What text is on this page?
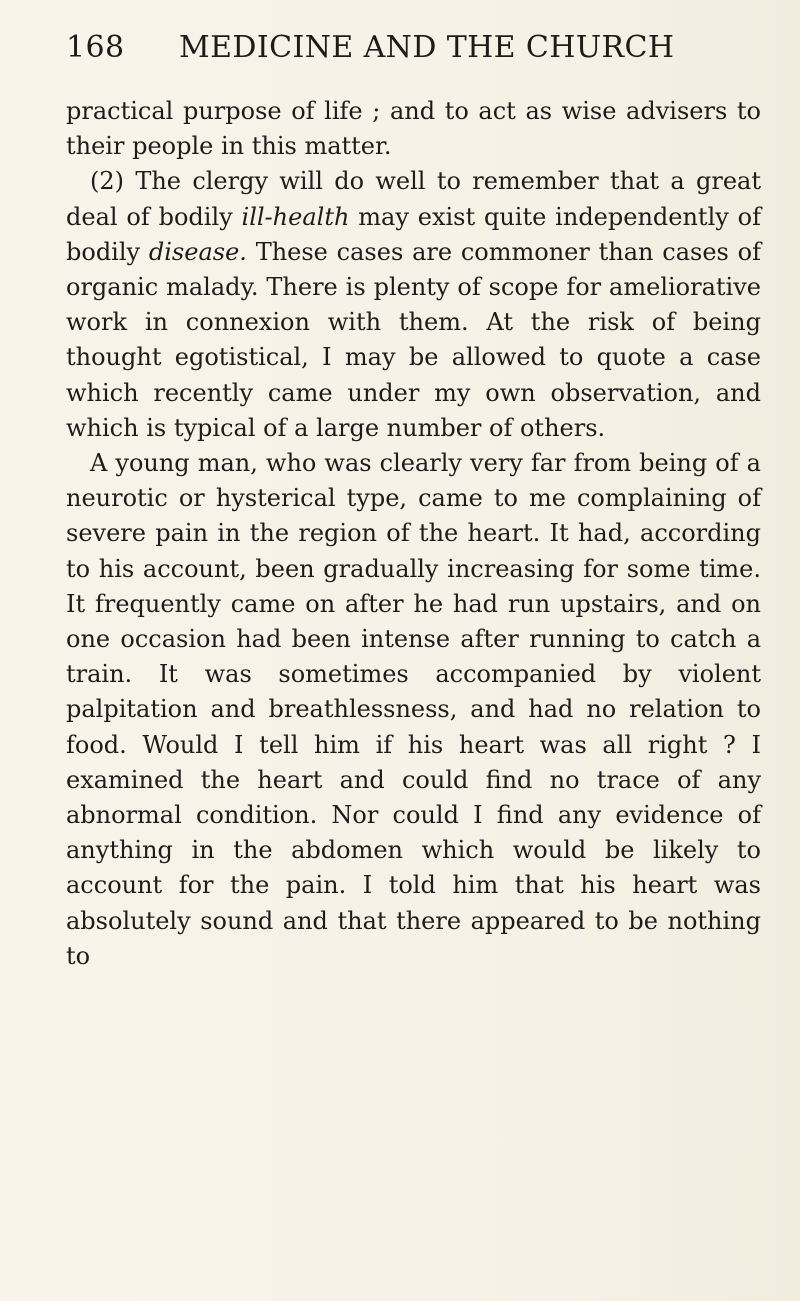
168 MEDICINE AND THE CHURCH

practical purpose of life ; and to act as wise advisers to their people in this matter.

(2) The clergy will do well to remember that a great deal of bodily ill-health may exist quite independently of bodily disease. These cases are commoner than cases of organic malady. There is plenty of scope for ameliorative work in connexion with them. At the risk of being thought egotistical, I may be allowed to quote a case which recently came under my own observation, and which is typical of a large number of others.

A young man, who was clearly very far from being of a neurotic or hysterical type, came to me complaining of severe pain in the region of the heart. It had, according to his account, been gradually increasing for some time. It frequently came on after he had run upstairs, and on one occasion had been intense after running to catch a train. It was sometimes accompanied by violent palpitation and breathlessness, and had no relation to food. Would I tell him if his heart was all right ? I examined the heart and could find no trace of any abnormal condition. Nor could I find any evidence of anything in the abdomen which would be likely to account for the pain. I told him that his heart was absolutely sound and that there appeared to be nothing to
